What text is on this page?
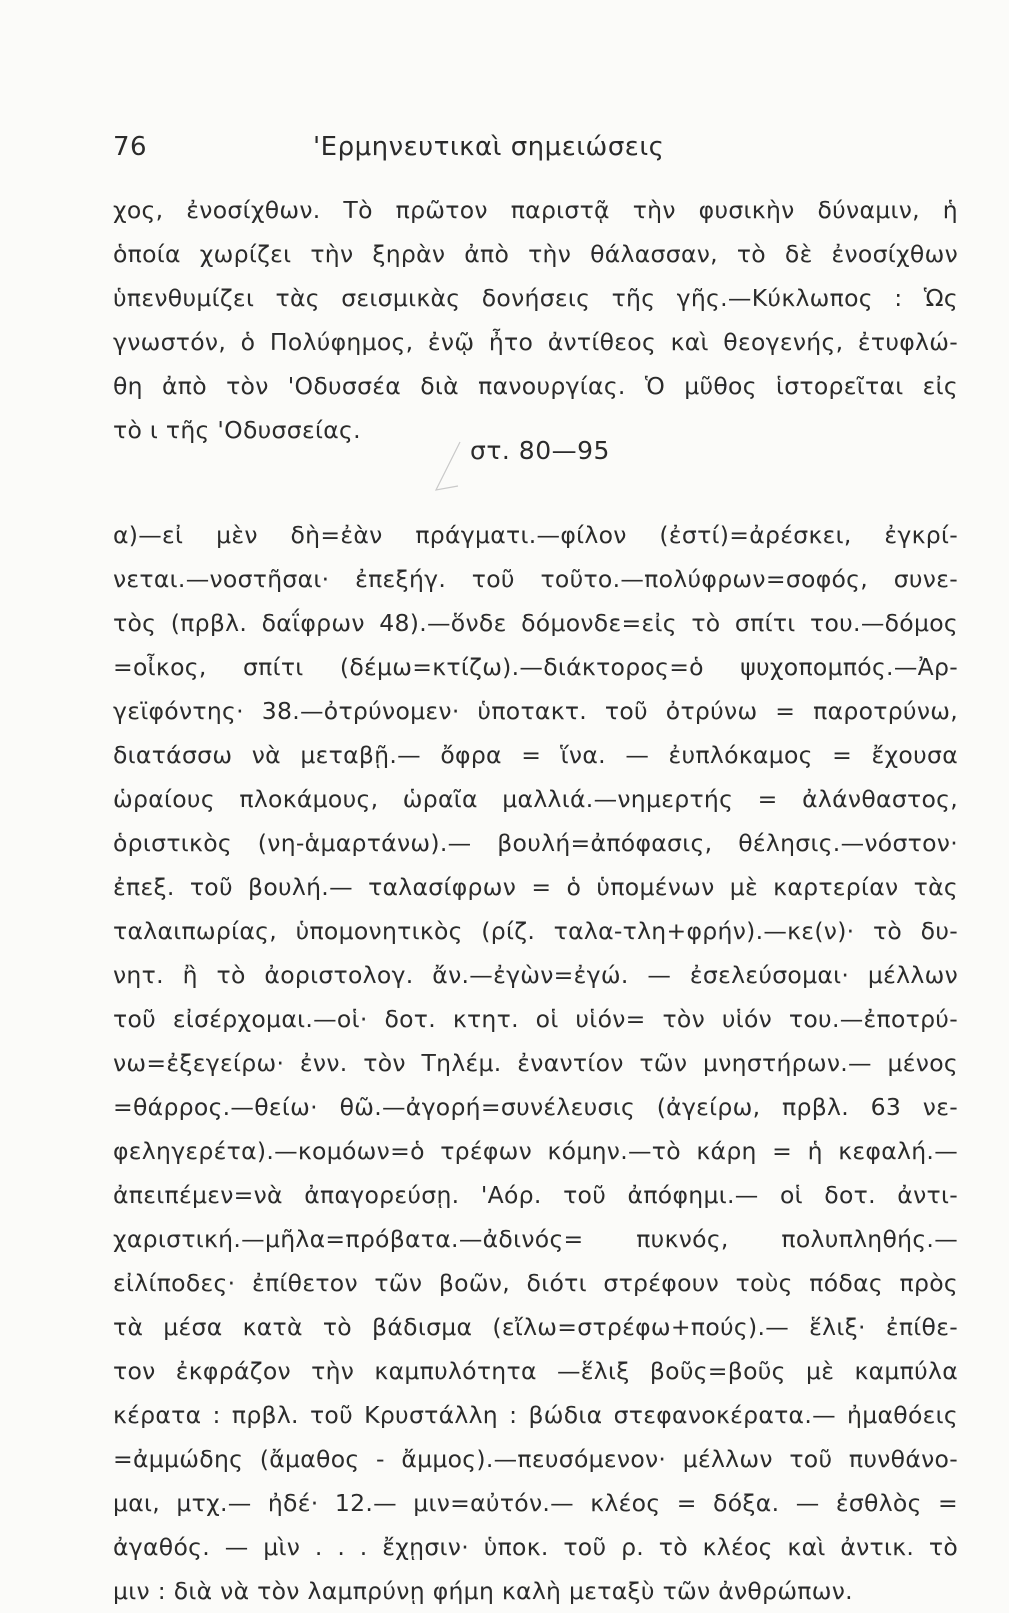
76	'Ερμηνευτικαὶ σημειώσεις
χος, ἐνοσίχθων. Τὸ πρῶτον παριστᾷ τὴν φυσικὴν δύναμιν, ἡ
ὁποία χωρίζει τὴν ξηρὰν ἀπὸ τὴν θάλασσαν, τὸ δὲ ἐνοσίχθων
ὑπενθυμίζει τὰς σεισμικὰς δονήσεις τῆς γῆς.—Κύκλωπος : Ὡς
γνωστόν, ὁ Πολύφημος, ἐνῷ ἦτο ἀντίθεος καὶ θεογενής, ἐτυφλώ-
θη ἀπὸ τὸν 'Οδυσσέα διὰ πανουργίας. Ὁ μῦθος ἱστορεῖται εἰς
τὸ ι τῆς 'Οδυσσείας.
στ. 80—95
α)—εἰ μὲν δὴ=ἐὰν πράγματι.—φίλον (ἐστί)=ἀρέσκει, ἐγκρί-
νεται.—νοστῆσαι· ἐπεξήγ. τοῦ τοῦτο.—πολύφρων=σοφός, συνε-
τὸς (πρβλ. δαΐφρων 48).—ὅνδε δόμονδε=εἰς τὸ σπίτι του.—δόμος
=οἶκος, σπίτι (δέμω=κτίζω).—διάκτορος=ὁ ψυχοπομπός.—Ἀρ-
γεϊφόντης· 38.—ὀτρύνομεν· ὑποτακτ. τοῦ ὀτρύνω = παροτρύνω,
διατάσσω νὰ μεταβῇ.— ὄφρα = ἵνα. — ἐυπλόκαμος = ἔχουσα
ὡραίους πλοκάμους, ὡραῖα μαλλιά.—νημερτής = ἀλάνθαστος,
ὁριστικὸς (νη-ἁμαρτάνω).— βουλή=ἀπόφασις, θέλησις.—νόστον·
ἐπεξ. τοῦ βουλή.— ταλασίφρων = ὁ ὑπομένων μὲ καρτερίαν τὰς
ταλαιπωρίας, ὑπομονητικὸς (ρίζ. ταλα-τλη+φρήν).—κε(ν)· τὸ δυ-
νητ. ἢ τὸ ἀοριστολογ. ἄν.—ἐγὼν=ἐγώ. — ἐσελεύσομαι· μέλλων
τοῦ εἰσέρχομαι.—οἱ· δοτ. κτητ. οἱ υἱόν= τὸν υἱόν του.—ἐποτρύ-
νω=ἐξεγείρω· ἐνν. τὸν Τηλέμ. ἐναντίον τῶν μνηστήρων.— μένος
=θάρρος.—θείω· θῶ.—ἀγορή=συνέλευσις (ἀγείρω, πρβλ. 63 νε-
φεληγερέτα).—κομόων=ὁ τρέφων κόμην.—τὸ κάρη = ἡ κεφαλή.—
ἀπειπέμεν=νὰ ἀπαγορεύσῃ. 'Αόρ. τοῦ ἀπόφημι.— οἱ δοτ. ἀντι-
χαριστική.—μῆλα=πρόβατα.—ἀδινός= πυκνός, πολυπληθής.—
εἰλίποδες· ἐπίθετον τῶν βοῶν, διότι στρέφουν τοὺς πόδας πρὸς
τὰ μέσα κατὰ τὸ βάδισμα (εἴλω=στρέφω+πούς).— ἕλιξ· ἐπίθε-
τον ἐκφράζον τὴν καμπυλότητα —ἕλιξ βοῦς=βοῦς μὲ καμπύλα
κέρατα : πρβλ. τοῦ Κρυστάλλη : βώδια στεφανοκέρατα.— ἠμαθόεις
=ἀμμώδης (ἄμαθος - ἄμμος).—πευσόμενον· μέλλων τοῦ πυνθάνο-
μαι, μτχ.— ἠδέ· 12.— μιν=αὐτόν.— κλέος = δόξα. — ἐσθλὸς =
ἀγαθός. — μὶν . . . ἔχῃσιν· ὑποκ. τοῦ ρ. τὸ κλέος καὶ ἀντικ. τὸ
μιν : διὰ νὰ τὸν λαμπρύνῃ φήμη καλὴ μεταξὺ τῶν ἀνθρώπων.
